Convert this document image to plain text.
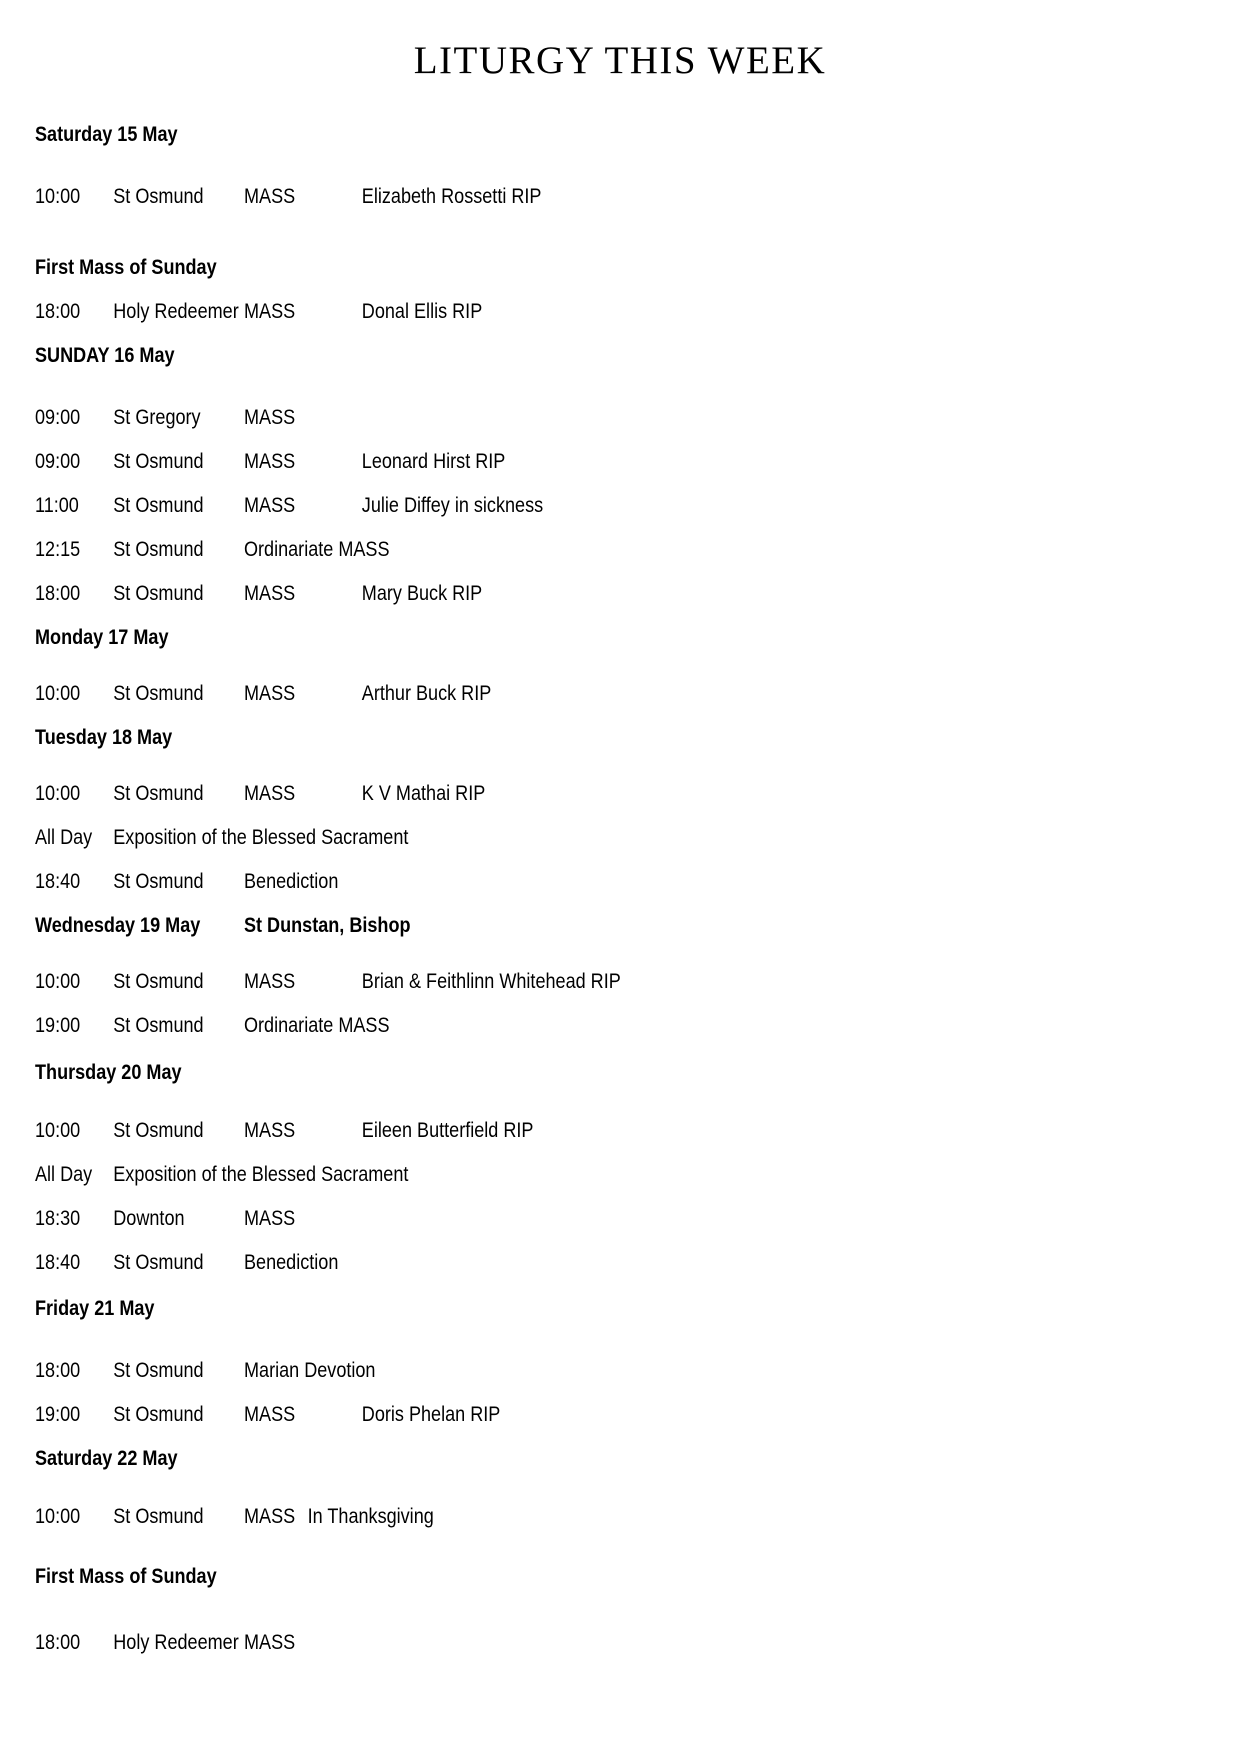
LITURGY THIS WEEK
Saturday 15 May
10:00 St Osmund MASS	Elizabeth Rossetti RIP
First Mass of Sunday
18:00 Holy Redeemer MASS	Donal Ellis RIP
SUNDAY 16 May
09:00 St Gregory MASS
09:00 St Osmund MASS	Leonard Hirst RIP
11:00 St Osmund MASS	Julie Diffey in sickness
12:15 St Osmund Ordinariate MASS
18:00 St Osmund MASS	Mary Buck RIP
Monday 17 May
10:00 St Osmund MASS	Arthur Buck RIP
Tuesday 18 May
10:00 St Osmund MASS	K V Mathai RIP
All Day Exposition of the Blessed Sacrament
18:40 St Osmund Benediction
Wednesday 19 May St Dunstan, Bishop
10:00 St Osmund MASS	Brian & Feithlinn Whitehead RIP
19:00 St Osmund Ordinariate MASS
Thursday 20 May
10:00 St Osmund MASS	Eileen Butterfield RIP
All Day Exposition of the Blessed Sacrament
18:30 Downton	MASS
18:40 St Osmund Benediction
Friday 21 May
18:00 St Osmund Marian Devotion
19:00 St Osmund MASS	Doris Phelan RIP
Saturday 22 May
10:00 St Osmund MASS In Thanksgiving
First Mass of Sunday
18:00 Holy Redeemer MASS
